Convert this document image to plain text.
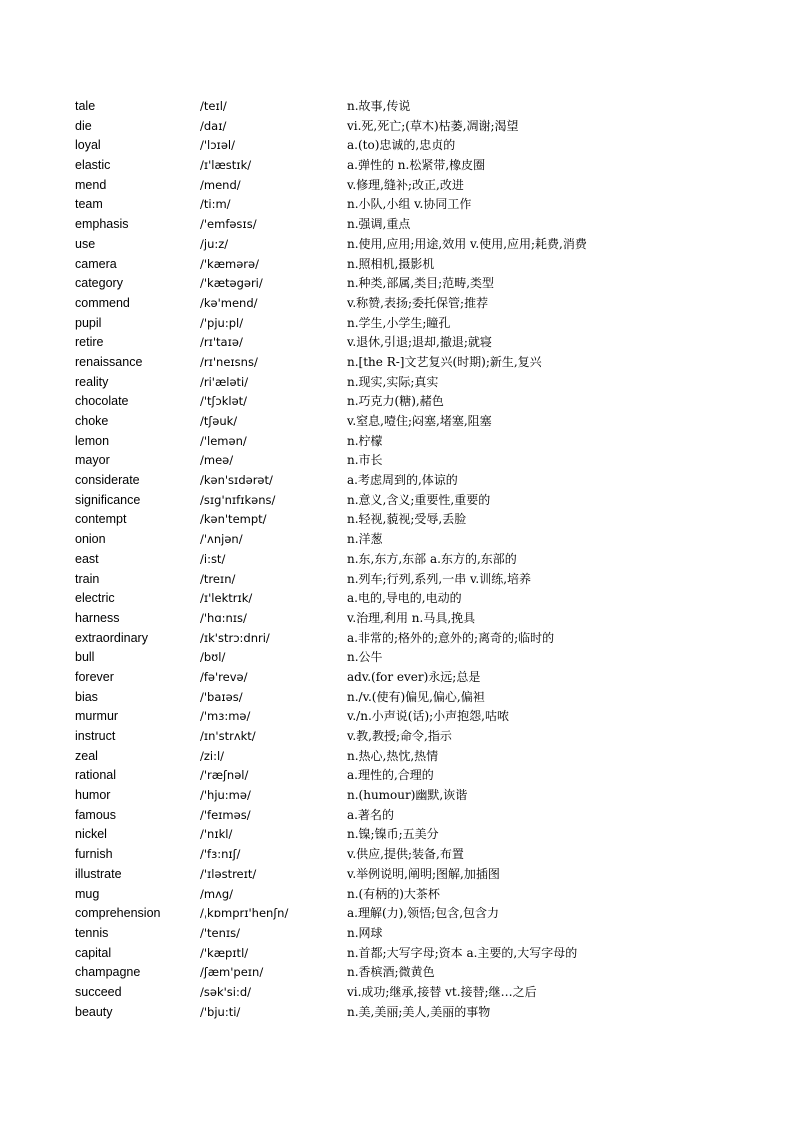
tale	/teɪl/	n.故事,传说
die	/daɪ/	vi.死,死亡;(草木)枯萎,凋谢;渴望
loyal	/'lɔɪəl/	a.(to)忠诚的,忠贞的
elastic	/ɪ'læstɪk/	a.弹性的 n.松紧带,橡皮圈
mend	/mend/	v.修理,缝补;改正,改进
team	/ti:m/	n.小队,小组 v.协同工作
emphasis	/'emfəsɪs/	n.强调,重点
use	/ju:z/	n.使用,应用;用途,效用 v.使用,应用;耗费,消费
camera	/'kæmərə/	n.照相机,摄影机
category	/'kætəgəri/	n.种类,部属,类目;范畴,类型
commend	/kə'mend/	v.称赞,表扬;委托保管;推荐
pupil	/'pju:pl/	n.学生,小学生;瞳孔
retire	/rɪ'taɪə/	v.退休,引退;退却,撤退;就寝
renaissance	/rɪ'neɪsns/	n.[the R-]文艺复兴(时期);新生,复兴
reality	/ri'æləti/	n.现实,实际;真实
chocolate	/'tʃɔklət/	n.巧克力(糖),赭色
choke	/tʃəuk/	v.窒息,噎住;闷塞,堵塞,阻塞
lemon	/'lemən/	n.柠檬
mayor	/meə/	n.市长
considerate	/kən'sɪdərət/	a.考虑周到的,体谅的
significance	/sɪg'nɪfɪkəns/	n.意义,含义;重要性,重要的
contempt	/kən'tempt/	n.轻视,藐视;受辱,丢脸
onion	/'ʌnjən/	n.洋葱
east	/i:st/	n.东,东方,东部 a.东方的,东部的
train	/treɪn/	n.列车;行列,系列,一串 v.训练,培养
electric	/ɪ'lektrɪk/	a.电的,导电的,电动的
harness	/'hɑ:nɪs/	v.治理,利用 n.马具,挽具
extraordinary	/ɪk'strɔ:dnri/	a.非常的;格外的;意外的;离奇的;临时的
bull	/bʊl/	n.公牛
forever	/fə'revə/	adv.(for ever)永远;总是
bias	/'baɪəs/	n./v.(使有)偏见,偏心,偏袒
murmur	/'mɜ:mə/	v./n.小声说(话);小声抱怨,咕哝
instruct	/ɪn'strʌkt/	v.教,教授;命令,指示
zeal	/zi:l/	n.热心,热忱,热情
rational	/'ræʃnəl/	a.理性的,合理的
humor	/'hju:mə/	n.(humour)幽默,诙谐
famous	/'feɪməs/	a.著名的
nickel	/'nɪkl/	n.镍;镍币;五美分
furnish	/'fɜ:nɪʃ/	v.供应,提供;装备,布置
illustrate	/'ɪləstreɪt/	v.举例说明,阐明;图解,加插图
mug	/mʌg/	n.(有柄的)大茶杯
comprehension	/ˌkɒmprɪ'henʃn/	a.理解(力),领悟;包含,包含力
tennis	/'tenɪs/	n.网球
capital	/'kæpɪtl/	n.首都;大写字母;资本 a.主要的,大写字母的
champagne	/ʃæm'peɪn/	n.香槟酒;微黄色
succeed	/sək'si:d/	vi.成功;继承,接替 vt.接替;继…之后
beauty	/'bju:ti/	n.美,美丽;美人,美丽的事物
